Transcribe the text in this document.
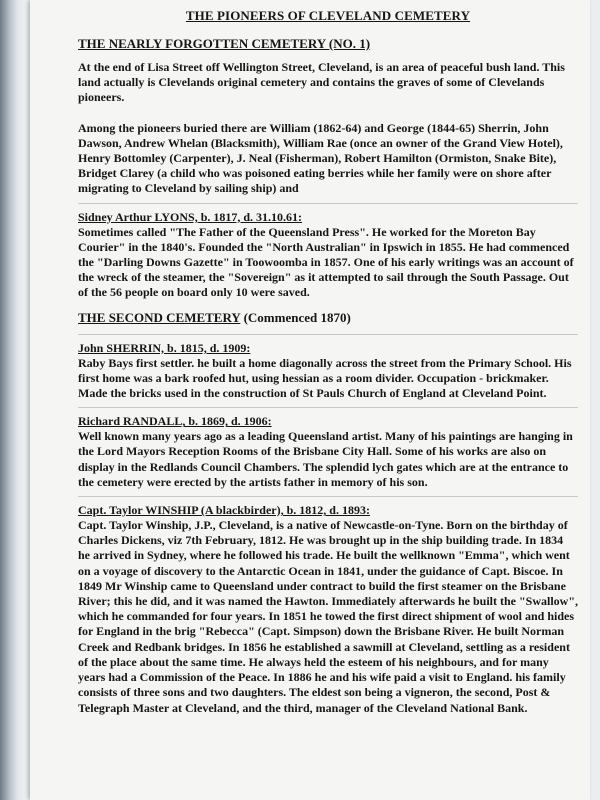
THE PIONEERS OF CLEVELAND CEMETERY
THE NEARLY FORGOTTEN CEMETERY (NO. 1)

At the end of Lisa Street off Wellington Street, Cleveland, is an area of peaceful bush land. This land actually is Clevelands original cemetery and contains the graves of some of Clevelands pioneers.

Among the pioneers buried there are William (1862-64) and George (1844-65) Sherrin, John Dawson, Andrew Whelan (Blacksmith), William Rae (once an owner of the Grand View Hotel), Henry Bottomley (Carpenter), J. Neal (Fisherman), Robert Hamilton (Ormiston, Snake Bite), Bridget Clarey (a child who was poisoned eating berries while her family were on shore after migrating to Cleveland by sailing ship) and

Sidney Arthur LYONS, b. 1817, d. 31.10.61:

Sometimes called "The Father of the Queensland Press". He worked for the Moreton Bay Courier" in the 1840's. Founded the "North Australian" in Ipswich in 1855. He had commenced the "Darling Downs Gazette" in Toowoomba in 1857. One of his early writings was an account of the wreck of the steamer, the "Sovereign" as it attempted to sail through the South Passage. Out of the 56 people on board only 10 were saved.

THE SECOND CEMETERY (Commenced 1870)
John SHERRIN, b. 1815, d. 1909:

Raby Bays first settler. he built a home diagonally across the street from the Primary School. His first home was a bark roofed hut, using hessian as a room divider. Occupation - brickmaker. Made the bricks used in the construction of St Pauls Church of England at Cleveland Point.

Richard RANDALL, b. 1869, d. 1906:

Well known many years ago as a leading Queensland artist. Many of his paintings are hanging in the Lord Mayors Reception Rooms of the Brisbane City Hall. Some of his works are also on display in the Redlands Council Chambers. The splendid lych gates which are at the entrance to the cemetery were erected by the artists father in memory of his son.

Capt. Taylor WINSHIP (A blackbirder), b. 1812, d. 1893:

Capt. Taylor Winship, J.P., Cleveland, is a native of Newcastle-on-Tyne. Born on the birthday of Charles Dickens, viz 7th February, 1812. He was brought up in the ship building trade. In 1834 he arrived in Sydney, where he followed his trade. He built the wellknown "Emma", which went on a voyage of discovery to the Antarctic Ocean in 1841, under the guidance of Capt. Biscoe. In 1849 Mr Winship came to Queensland under contract to build the first steamer on the Brisbane River; this he did, and it was named the Hawton. Immediately afterwards he built the "Swallow", which he commanded for four years. In 1851 he towed the first direct shipment of wool and hides for England in the brig "Rebecca" (Capt. Simpson) down the Brisbane River. He built Norman Creek and Redbank bridges. In 1856 he established a sawmill at Cleveland, settling as a resident of the place about the same time. He always held the esteem of his neighbours, and for many years had a Commission of the Peace. In 1886 he and his wife paid a visit to England. his family consists of three sons and two daughters. The eldest son being a vigneron, the second, Post & Telegraph Master at Cleveland, and the third, manager of the Cleveland National Bank.
